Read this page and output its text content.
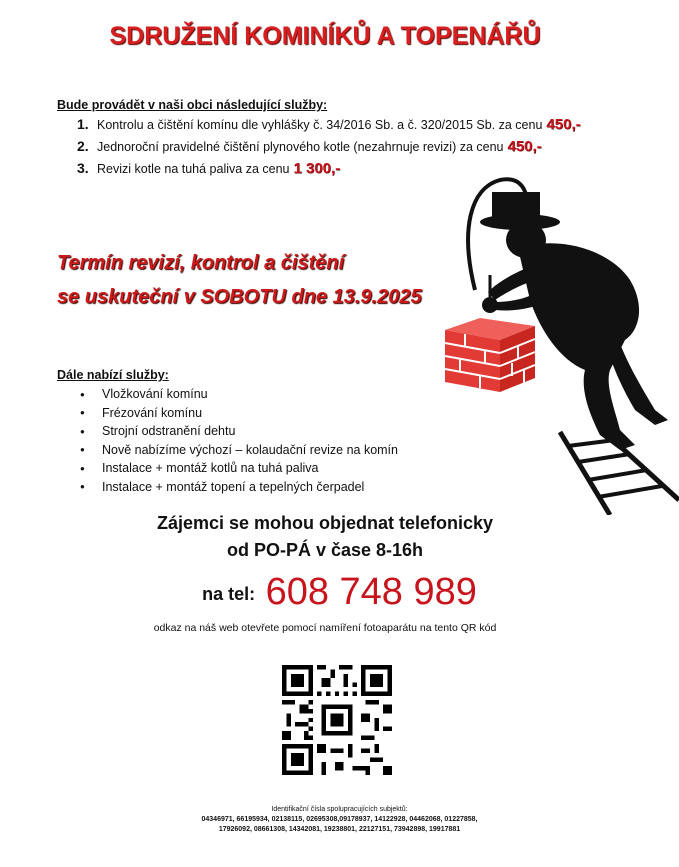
SDRUŽENÍ KOMINÍKŮ A TOPENÁŘŮ
Bude provádět v naši obci následující služby:
1. Kontrolu a čištění komínu dle vyhlášky č. 34/2016 Sb. a č. 320/2015 Sb. za cenu 450,-
2. Jednoroční pravidelné čištění plynového kotle (nezahrnuje revizi) za cenu 450,-
3. Revizi kotle na tuhá paliva za cenu 1 300,-
Termín revizí, kontrol a čištění
se uskuteční v SOBOTU dne 13.9.2025
Dále nabízí služby:
● Vložkování komínu
● Frézování komínu
● Strojní odstranění dehtu
● Nově nabízíme výchozí – kolaudační revize na komín
● Instalace + montáž kotlů na tuhá paliva
● Instalace + montáž topení a tepelných čerpadel
Zájemci se mohou objednat telefonicky
od PO-PÁ v čase 8-16h
na tel: 608 748 989
odkaz na náš web otevřete pomocí namíření fotoaparátu na tento QR kód
Identifikační čísla spolupracujících subjektů:
04346971, 66195934, 02138115, 02695308,09178937, 14122928, 04462068, 01227858,
17926092, 08661308, 14342081, 19238801, 22127151, 73942898, 19917881
